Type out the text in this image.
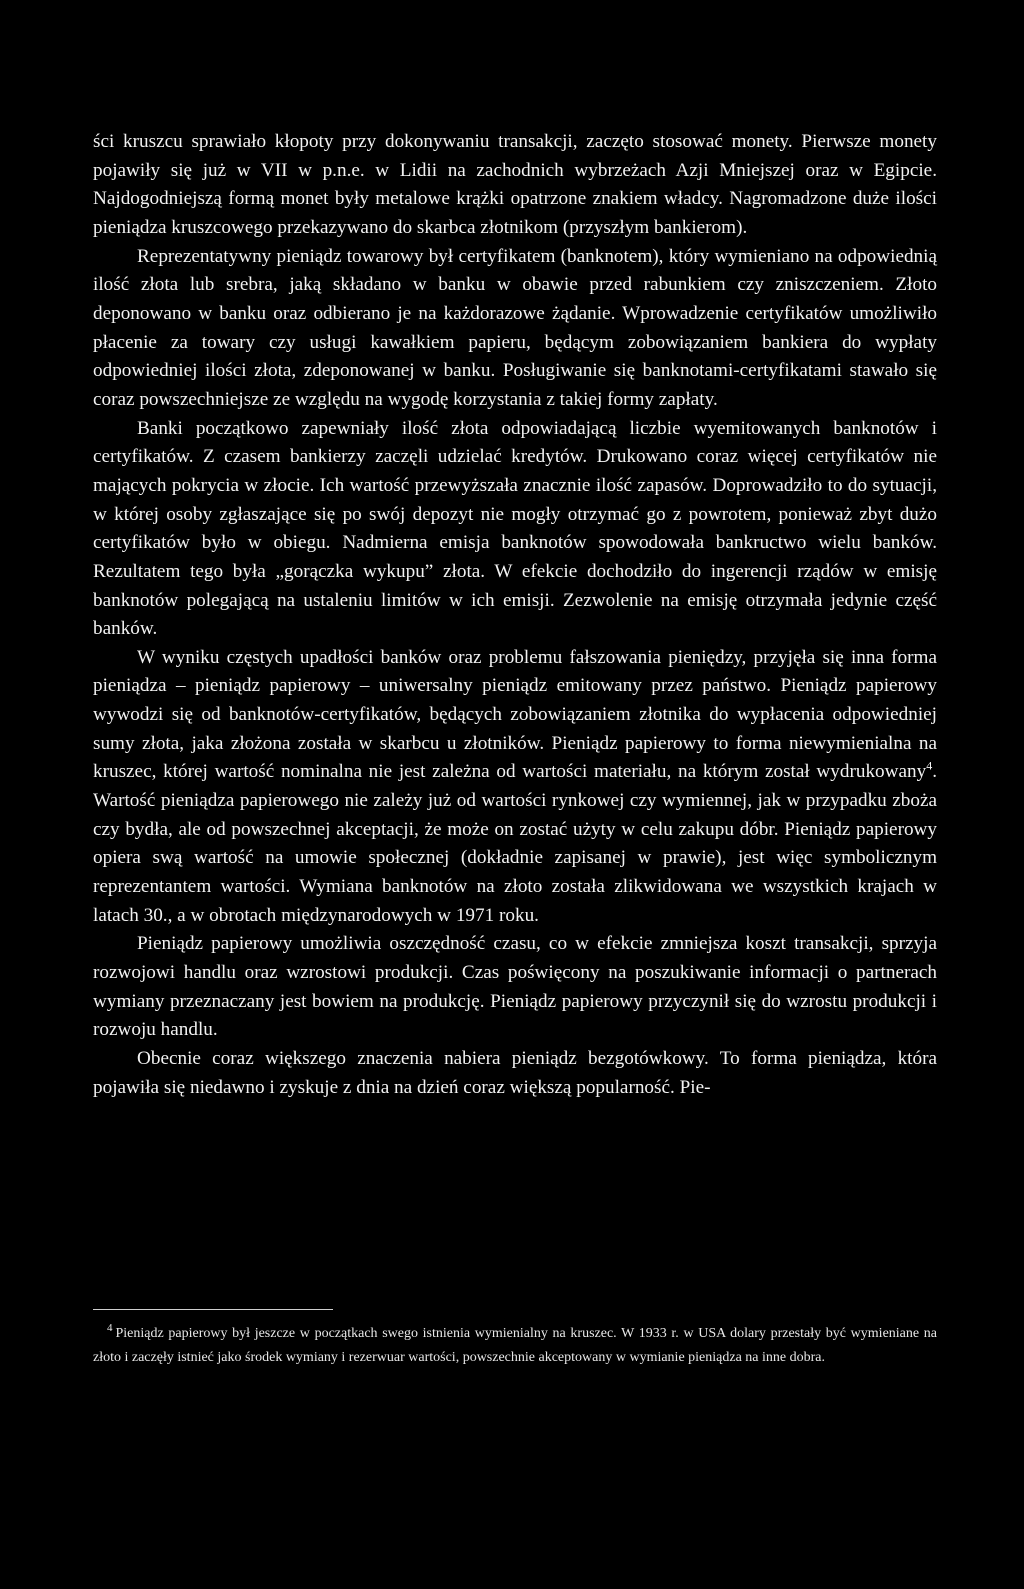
ści kruszcu sprawiało kłopoty przy dokonywaniu transakcji, zaczęto stosować monety. Pierwsze monety pojawiły się już w VII w p.n.e. w Lidii na zachodnich wybrzeżach Azji Mniejszej oraz w Egipcie. Najdogodniejszą formą monet były metalowe krążki opatrzone znakiem władcy. Nagromadzone duże ilości pieniądza kruszcowego przekazywano do skarbca złotnikom (przyszłym bankierom).

Reprezentatywny pieniądz towarowy był certyfikatem (banknotem), który wymieniano na odpowiednią ilość złota lub srebra, jaką składano w banku w obawie przed rabunkiem czy zniszczeniem. Złoto deponowano w banku oraz odbierano je na każdorazowe żądanie. Wprowadzenie certyfikatów umożliwiło płacenie za towary czy usługi kawałkiem papieru, będącym zobowiązaniem bankiera do wypłaty odpowiedniej ilości złota, zdeponowanej w banku. Posługiwanie się banknotami-certyfikatami stawało się coraz powszechniejsze ze względu na wygodę korzystania z takiej formy zapłaty.

Banki początkowo zapewniały ilość złota odpowiadającą liczbie wyemitowanych banknotów i certyfikatów. Z czasem bankierzy zaczęli udzielać kredytów. Drukowano coraz więcej certyfikatów nie mających pokrycia w złocie. Ich wartość przewyższała znacznie ilość zapasów. Doprowadziło to do sytuacji, w której osoby zgłaszające się po swój depozyt nie mogły otrzymać go z powrotem, ponieważ zbyt dużo certyfikatów było w obiegu. Nadmierna emisja banknotów spowodowała bankructwo wielu banków. Rezultatem tego była „gorączka wykupu” złota. W efekcie dochodziło do ingerencji rządów w emisję banknotów polegającą na ustaleniu limitów w ich emisji. Zezwolenie na emisję otrzymała jedynie część banków.

W wyniku częstych upadłości banków oraz problemu fałszowania pieniędzy, przyjęła się inna forma pieniądza – pieniądz papierowy – uniwersalny pieniądz emitowany przez państwo. Pieniądz papierowy wywodzi się od banknotów-certyfikatów, będących zobowiązaniem złotnika do wypłacenia odpowiedniej sumy złota, jaka złożona została w skarbcu u złotników. Pieniądz papierowy to forma niewymienialna na kruszec, której wartość nominalna nie jest zależna od wartości materiału, na którym został wydrukowany$^4$. Wartość pieniądza papierowego nie zależy już od wartości rynkowej czy wymiennej, jak w przypadku zboża czy bydła, ale od powszechnej akceptacji, że może on zostać użyty w celu zakupu dóbr. Pieniądz papierowy opiera swą wartość na umowie społecznej (dokładnie zapisanej w prawie), jest więc symbolicznym reprezentantem wartości. Wymiana banknotów na złoto została zlikwidowana we wszystkich krajach w latach 30., a w obrotach międzynarodowych w 1971 roku.

Pieniądz papierowy umożliwia oszczędność czasu, co w efekcie zmniejsza koszt transakcji, sprzyja rozwojowi handlu oraz wzrostowi produkcji. Czas poświęcony na poszukiwanie informacji o partnerach wymiany przeznaczany jest bowiem na produkcję. Pieniądz papierowy przyczynił się do wzrostu produkcji i rozwoju handlu.

Obecnie coraz większego znaczenia nabiera pieniądz bezgotówkowy. To forma pieniądza, która pojawiła się niedawno i zyskuje z dnia na dzień coraz większą popularność. Pie-

$^4$ Pieniądz papierowy był jeszcze w początkach swego istnienia wymienialny na kruszec. W 1933 r. w USA dolary przestały być wymieniane na złoto i zaczęły istnieć jako środek wymiany i rezerwuar wartości, powszechnie akceptowany w wymianie pieniądza na inne dobra.
